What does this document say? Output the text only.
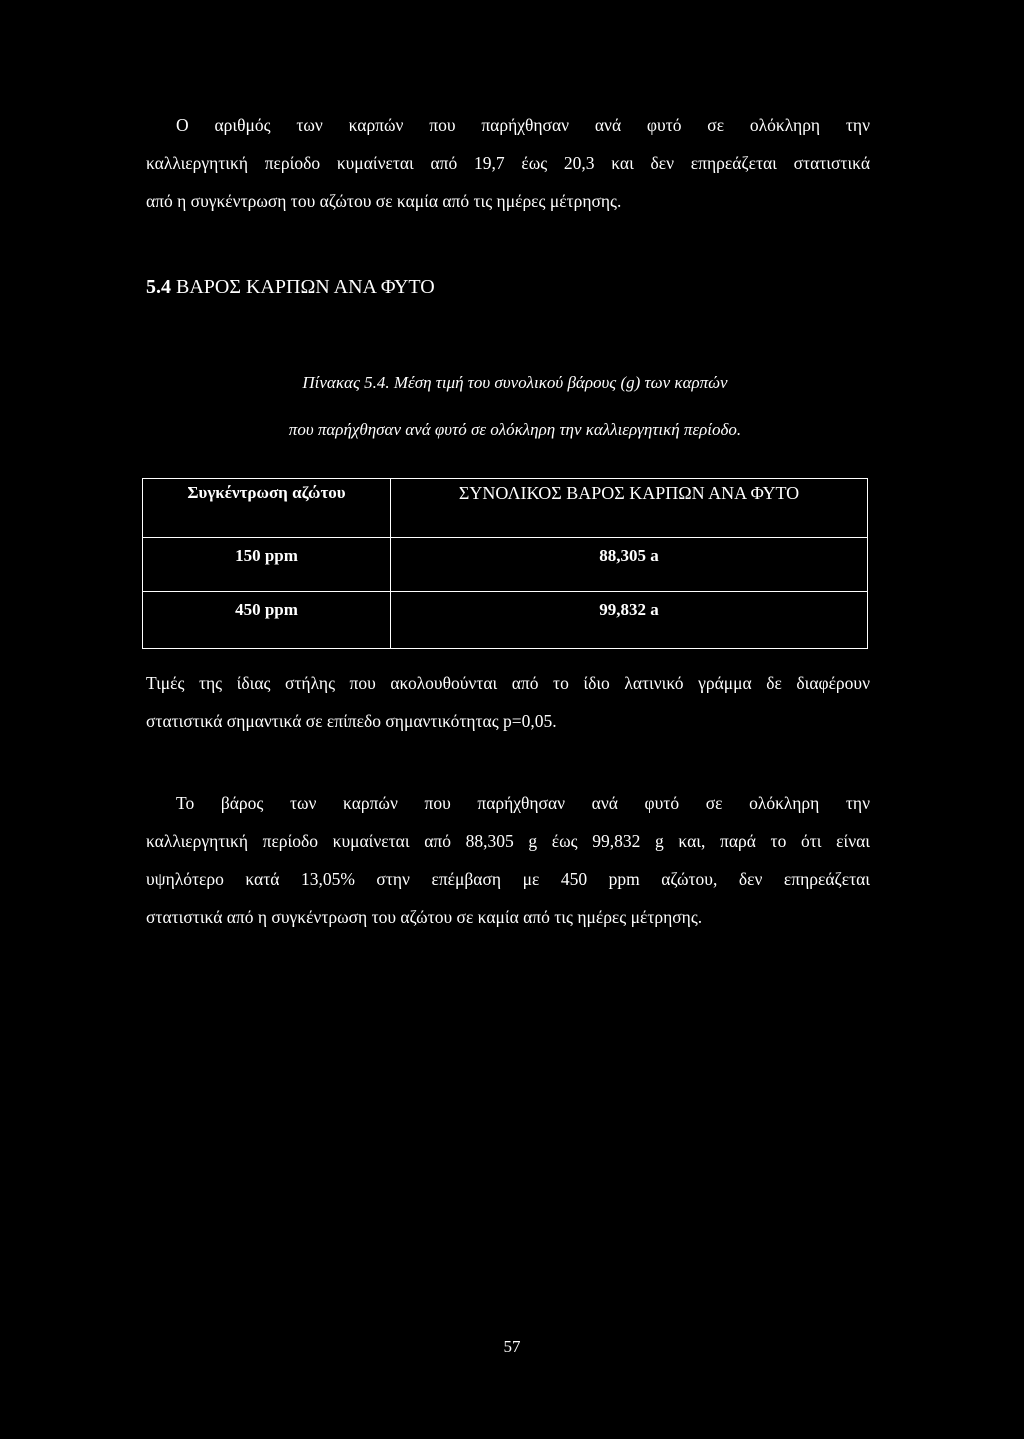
Ο αριθμός των καρπών που παρήχθησαν ανά φυτό σε ολόκληρη την
καλλιεργητική περίοδο κυμαίνεται από 19,7 έως 20,3 και δεν επηρεάζεται στατιστικά
από η συγκέντρωση του αζώτου σε καμία από τις ημέρες μέτρησης.
5.4 ΒΑΡΟΣ ΚΑΡΠΩΝ ΑΝΑ ΦΥΤΟ

Πίνακας 5.4. Μέση τιμή του συνολικού βάρους (g) των καρπών

που παρήχθησαν ανά φυτό σε ολόκληρη την καλλιεργητική περίοδο.

Συγκέντρωση αζώτου	ΣΥΝΟΛΙΚΟΣ ΒΑΡΟΣ ΚΑΡΠΩΝ ΑΝΑ ΦΥΤΟ
150 ppm	88,305 a
450 ppm	99,832 a
Τιμές της ίδιας στήλης που ακολουθούνται από το ίδιο λατινικό γράμμα δε διαφέρουν
στατιστικά σημαντικά σε επίπεδο σημαντικότητας p=0,05.
Το βάρος των καρπών που παρήχθησαν ανά φυτό σε ολόκληρη την
καλλιεργητική περίοδο κυμαίνεται από 88,305 g έως 99,832 g και, παρά το ότι είναι
υψηλότερο κατά 13,05% στην επέμβαση με 450 ppm αζώτου, δεν επηρεάζεται
στατιστικά από η συγκέντρωση του αζώτου σε καμία από τις ημέρες μέτρησης.

57
